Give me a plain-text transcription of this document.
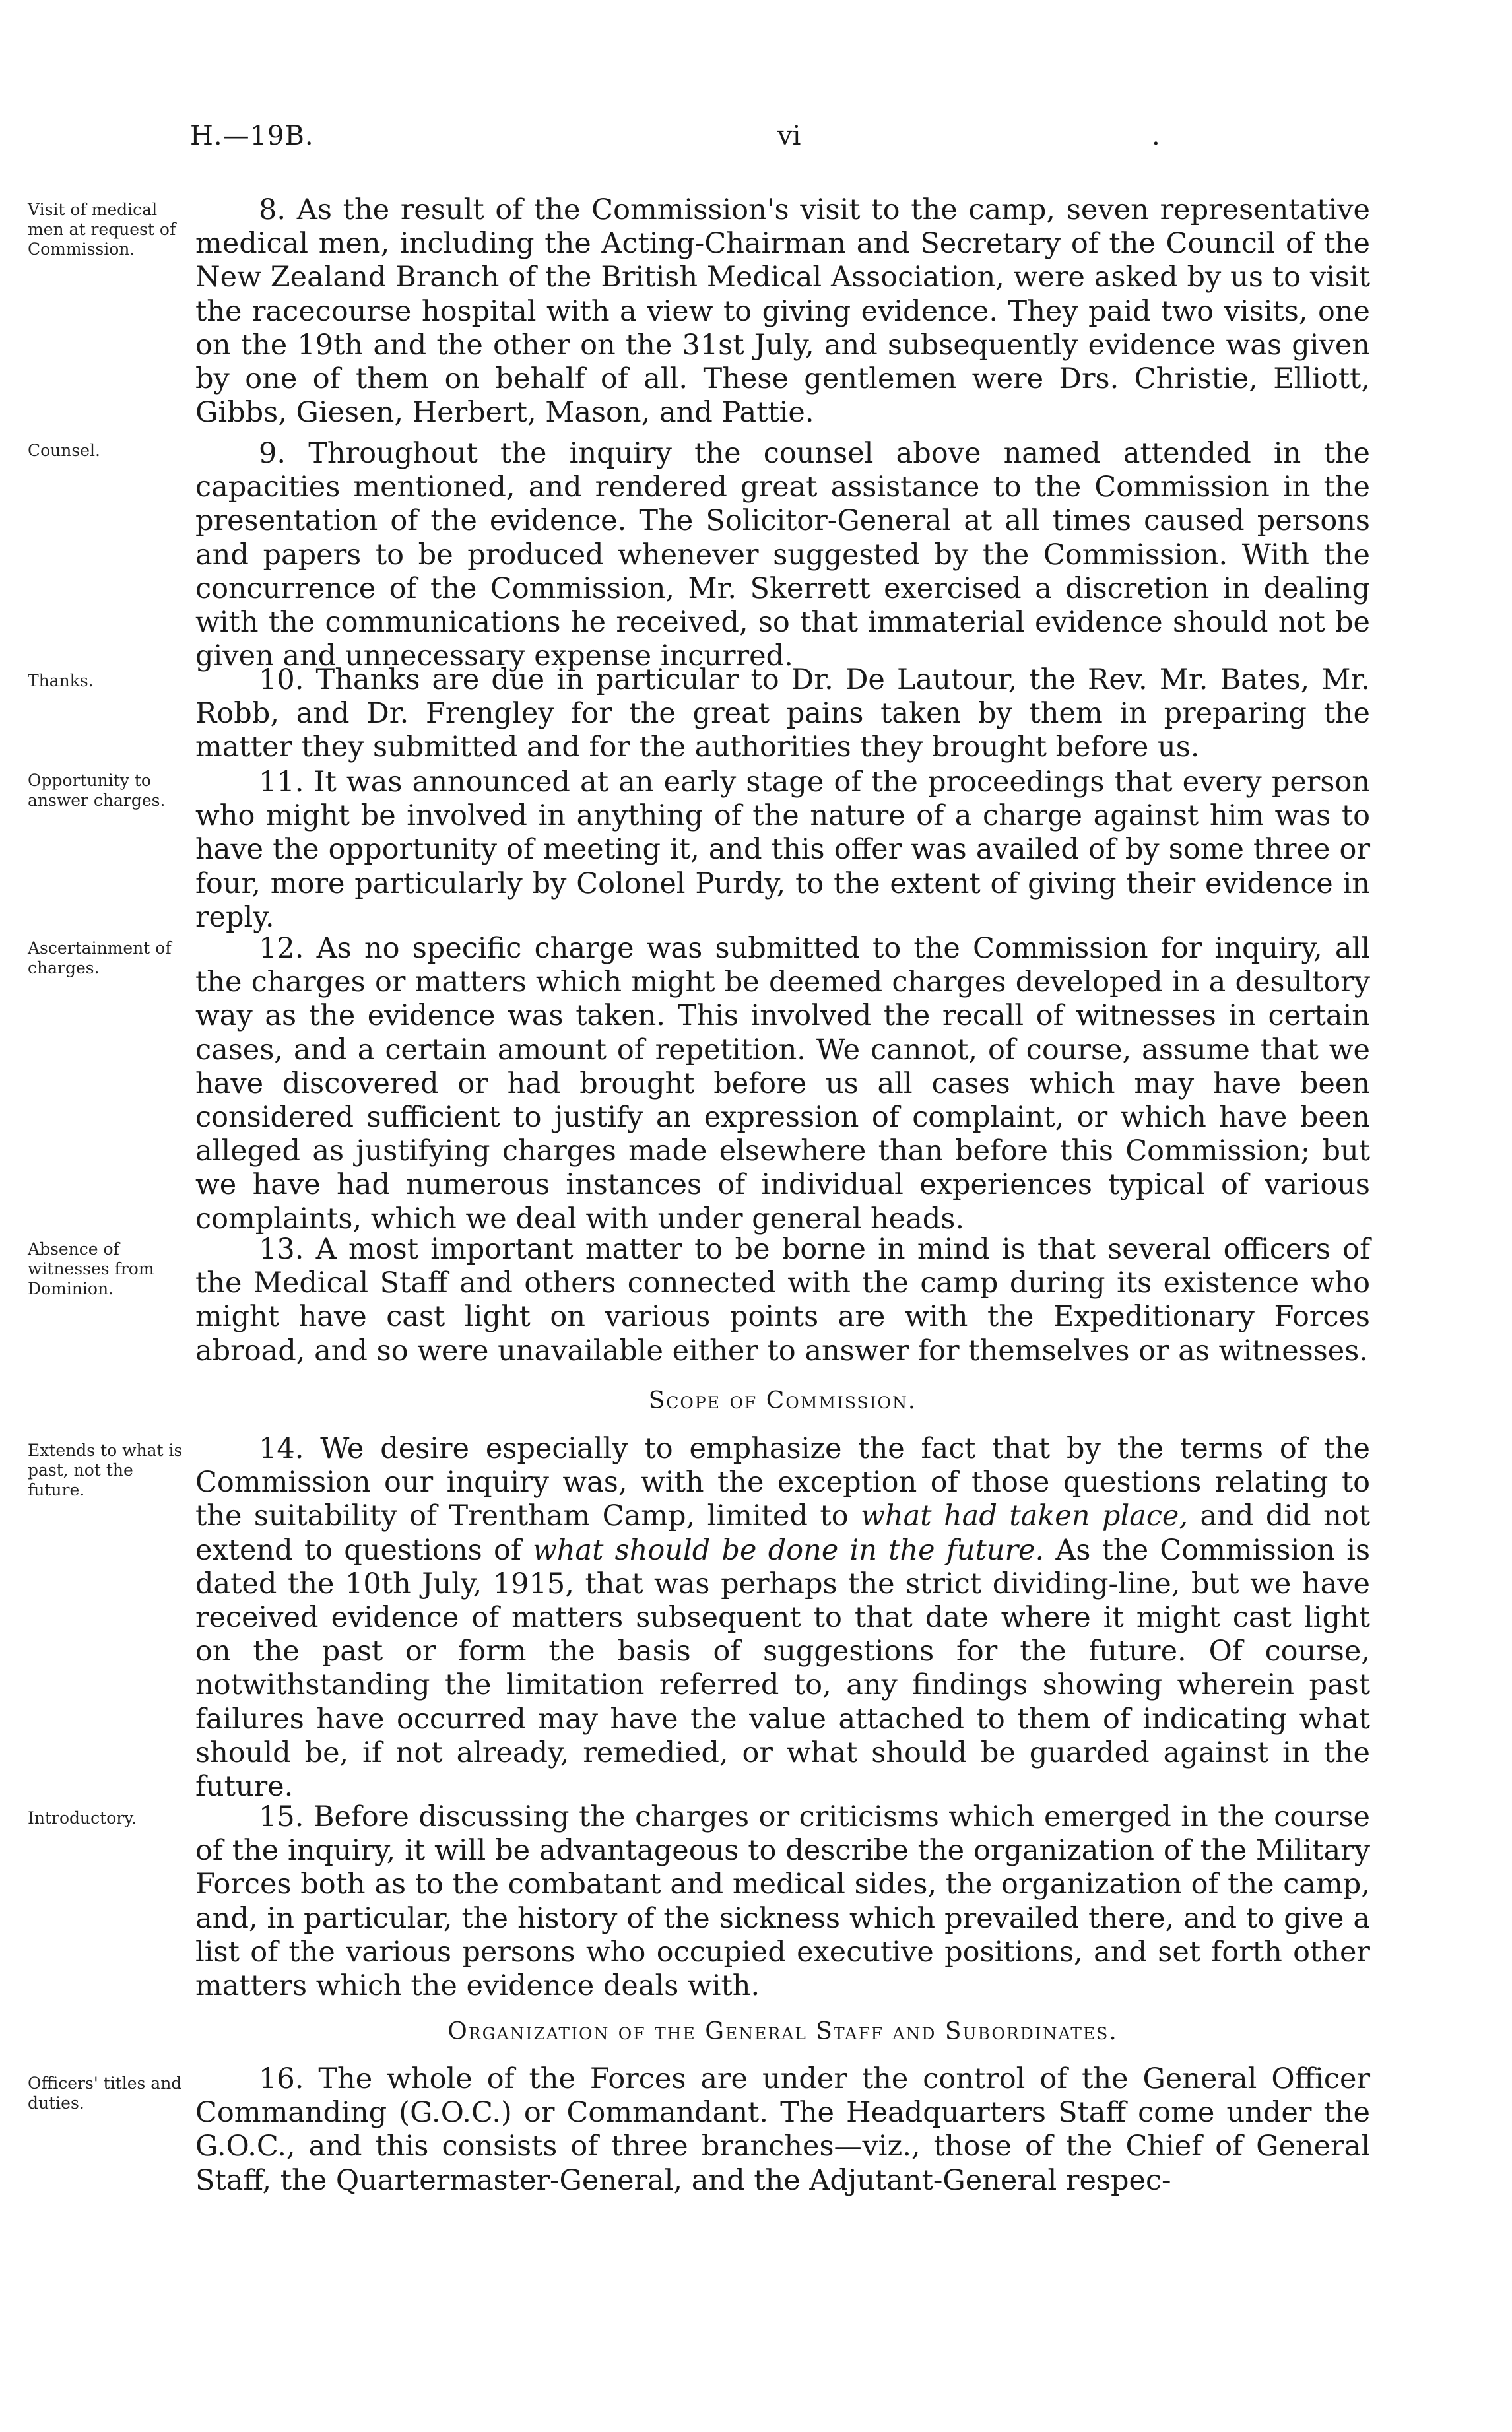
H.—19B.	vi	.
Visit of medical men at request of Commission.
Counsel.
Thanks.
Opportunity to answer charges.
Ascertainment of charges.
Absence of witnesses from Dominion.
Extends to what is past, not the future.
Introductory.
Officers' titles and duties.

8. As the result of the Commission's visit to the camp, seven representative medical men, including the Acting-Chairman and Secretary of the Council of the New Zealand Branch of the British Medical Association, were asked by us to visit the racecourse hospital with a view to giving evidence. They paid two visits, one on the 19th and the other on the 31st July, and subsequently evidence was given by one of them on behalf of all. These gentlemen were Drs. Christie, Elliott, Gibbs, Giesen, Herbert, Mason, and Pattie.

9. Throughout the inquiry the counsel above named attended in the capacities mentioned, and rendered great assistance to the Commission in the presentation of the evidence. The Solicitor-General at all times caused persons and papers to be produced whenever suggested by the Commission. With the concurrence of the Commission, Mr. Skerrett exercised a discretion in dealing with the communications he received, so that immaterial evidence should not be given and unnecessary expense incurred.

10. Thanks are due in particular to Dr. De Lautour, the Rev. Mr. Bates, Mr. Robb, and Dr. Frengley for the great pains taken by them in preparing the matter they submitted and for the authorities they brought before us.

11. It was announced at an early stage of the proceedings that every person who might be involved in anything of the nature of a charge against him was to have the opportunity of meeting it, and this offer was availed of by some three or four, more particularly by Colonel Purdy, to the extent of giving their evidence in reply.

12. As no specific charge was submitted to the Commission for inquiry, all the charges or matters which might be deemed charges developed in a desultory way as the evidence was taken. This involved the recall of witnesses in certain cases, and a certain amount of repetition. We cannot, of course, assume that we have discovered or had brought before us all cases which may have been considered sufficient to justify an expression of complaint, or which have been alleged as justifying charges made elsewhere than before this Commission; but we have had numerous instances of individual experiences typical of various complaints, which we deal with under general heads.

13. A most important matter to be borne in mind is that several officers of the Medical Staff and others connected with the camp during its existence who might have cast light on various points are with the Expeditionary Forces abroad, and so were unavailable either to answer for themselves or as witnesses.

Scope of Commission.

14. We desire especially to emphasize the fact that by the terms of the Commission our inquiry was, with the exception of those questions relating to the suitability of Trentham Camp, limited to what had taken place, and did not extend to questions of what should be done in the future. As the Commission is dated the 10th July, 1915, that was perhaps the strict dividing-line, but we have received evidence of matters subsequent to that date where it might cast light on the past or form the basis of suggestions for the future. Of course, notwithstanding the limitation referred to, any findings showing wherein past failures have occurred may have the value attached to them of indicating what should be, if not already, remedied, or what should be guarded against in the future.

15. Before discussing the charges or criticisms which emerged in the course of the inquiry, it will be advantageous to describe the organization of the Military Forces both as to the combatant and medical sides, the organization of the camp, and, in particular, the history of the sickness which prevailed there, and to give a list of the various persons who occupied executive positions, and set forth other matters which the evidence deals with.

Organization of the General Staff and Subordinates.

16. The whole of the Forces are under the control of the General Officer Commanding (G.O.C.) or Commandant. The Headquarters Staff come under the G.O.C., and this consists of three branches—viz., those of the Chief of General Staff, the Quartermaster-General, and the Adjutant-General respec-
